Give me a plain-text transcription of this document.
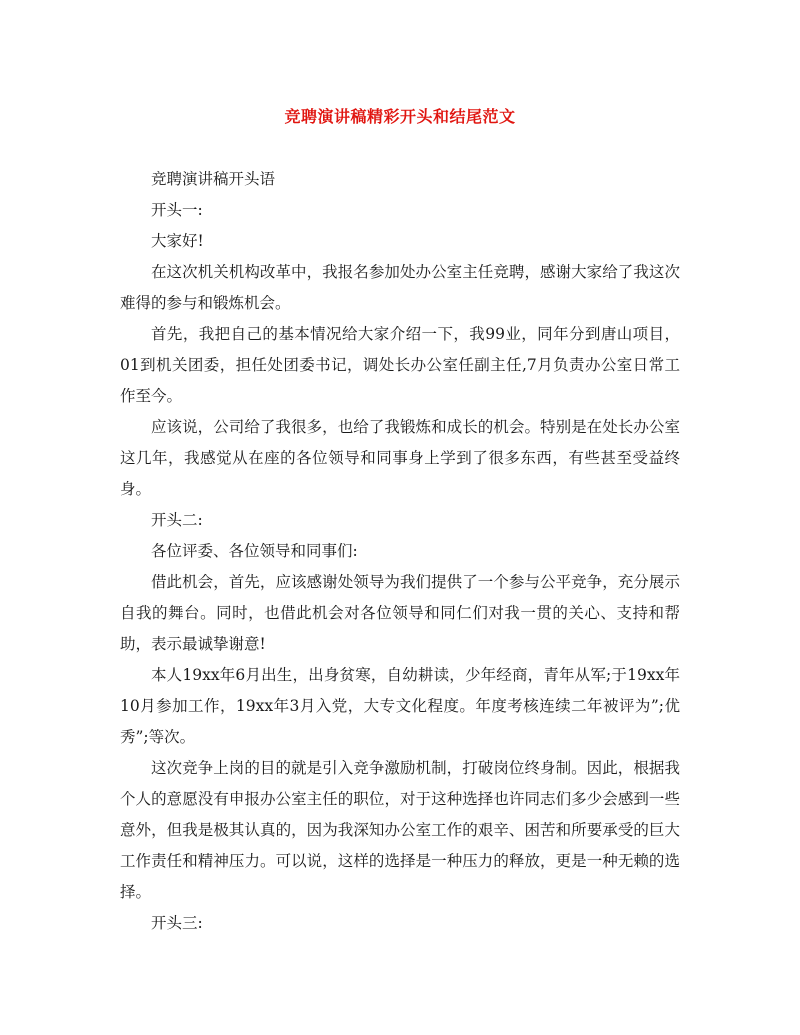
竞聘演讲稿精彩开头和结尾范文

竞聘演讲稿开头语

开头一:

大家好!

在这次机关机构改革中，我报名参加处办公室主任竞聘，感谢大家给了我这次难得的参与和锻炼机会。

首先，我把自己的基本情况给大家介绍一下，我99业，同年分到唐山项目，01到机关团委，担任处团委书记，调处长办公室任副主任,7月负责办公室日常工作至今。

应该说，公司给了我很多，也给了我锻炼和成长的机会。特别是在处长办公室这几年，我感觉从在座的各位领导和同事身上学到了很多东西，有些甚至受益终身。

开头二:

各位评委、各位领导和同事们:

借此机会，首先，应该感谢处领导为我们提供了一个参与公平竞争，充分展示自我的舞台。同时，也借此机会对各位领导和同仁们对我一贯的关心、支持和帮助，表示最诚挚谢意!

本人19xx年6月出生，出身贫寒，自幼耕读，少年经商，青年从军;于19xx年10月参加工作，19xx年3月入党，大专文化程度。年度考核连续二年被评为”;优秀”;等次。

这次竞争上岗的目的就是引入竞争激励机制，打破岗位终身制。因此，根据我个人的意愿没有申报办公室主任的职位，对于这种选择也许同志们多少会感到一些意外，但我是极其认真的，因为我深知办公室工作的艰辛、困苦和所要承受的巨大工作责任和精神压力。可以说，这样的选择是一种压力的释放，更是一种无赖的选择。

开头三:
